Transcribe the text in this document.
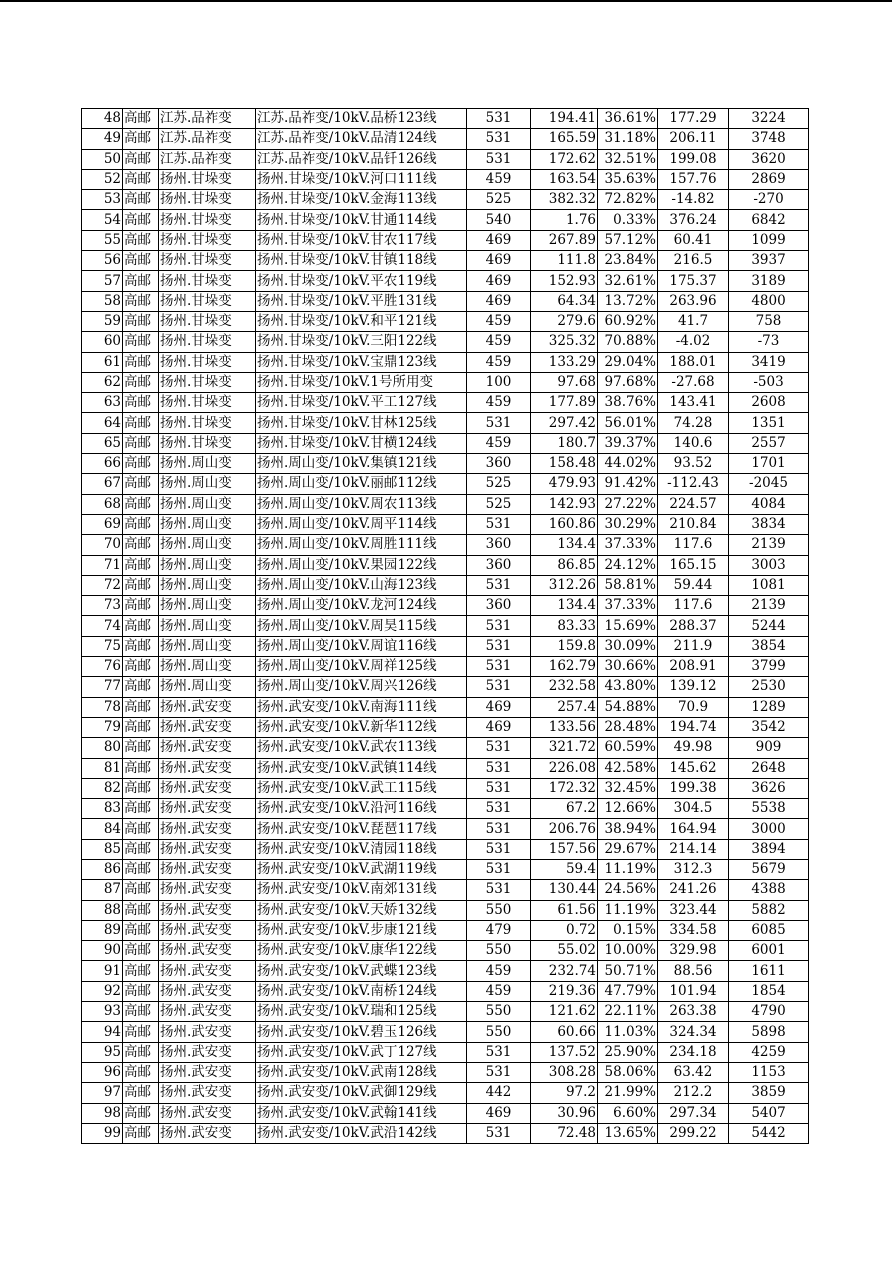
48	高邮	江苏.品祚变	江苏.品祚变/10kV.品桥123线	531	194.41	36.61%	177.29	3224
49	高邮	江苏.品祚变	江苏.品祚变/10kV.品清124线	531	165.59	31.18%	206.11	3748
50	高邮	江苏.品祚变	江苏.品祚变/10kV.品钎126线	531	172.62	32.51%	199.08	3620
52	高邮	扬州.甘垛变	扬州.甘垛变/10kV.河口111线	459	163.54	35.63%	157.76	2869
53	高邮	扬州.甘垛变	扬州.甘垛变/10kV.金海113线	525	382.32	72.82%	-14.82	-270
54	高邮	扬州.甘垛变	扬州.甘垛变/10kV.甘通114线	540	1.76	0.33%	376.24	6842
55	高邮	扬州.甘垛变	扬州.甘垛变/10kV.甘农117线	469	267.89	57.12%	60.41	1099
56	高邮	扬州.甘垛变	扬州.甘垛变/10kV.甘镇118线	469	111.8	23.84%	216.5	3937
57	高邮	扬州.甘垛变	扬州.甘垛变/10kV.平农119线	469	152.93	32.61%	175.37	3189
58	高邮	扬州.甘垛变	扬州.甘垛变/10kV.平胜131线	469	64.34	13.72%	263.96	4800
59	高邮	扬州.甘垛变	扬州.甘垛变/10kV.和平121线	459	279.6	60.92%	41.7	758
60	高邮	扬州.甘垛变	扬州.甘垛变/10kV.三阳122线	459	325.32	70.88%	-4.02	-73
61	高邮	扬州.甘垛变	扬州.甘垛变/10kV.宝鼎123线	459	133.29	29.04%	188.01	3419
62	高邮	扬州.甘垛变	扬州.甘垛变/10kV.1号所用变	100	97.68	97.68%	-27.68	-503
63	高邮	扬州.甘垛变	扬州.甘垛变/10kV.平工127线	459	177.89	38.76%	143.41	2608
64	高邮	扬州.甘垛变	扬州.甘垛变/10kV.甘林125线	531	297.42	56.01%	74.28	1351
65	高邮	扬州.甘垛变	扬州.甘垛变/10kV.甘横124线	459	180.7	39.37%	140.6	2557
66	高邮	扬州.周山变	扬州.周山变/10kV.集镇121线	360	158.48	44.02%	93.52	1701
67	高邮	扬州.周山变	扬州.周山变/10kV.丽邮112线	525	479.93	91.42%	-112.43	-2045
68	高邮	扬州.周山变	扬州.周山变/10kV.周农113线	525	142.93	27.22%	224.57	4084
69	高邮	扬州.周山变	扬州.周山变/10kV.周平114线	531	160.86	30.29%	210.84	3834
70	高邮	扬州.周山变	扬州.周山变/10kV.周胜111线	360	134.4	37.33%	117.6	2139
71	高邮	扬州.周山变	扬州.周山变/10kV.果园122线	360	86.85	24.12%	165.15	3003
72	高邮	扬州.周山变	扬州.周山变/10kV.山海123线	531	312.26	58.81%	59.44	1081
73	高邮	扬州.周山变	扬州.周山变/10kV.龙河124线	360	134.4	37.33%	117.6	2139
74	高邮	扬州.周山变	扬州.周山变/10kV.周昊115线	531	83.33	15.69%	288.37	5244
75	高邮	扬州.周山变	扬州.周山变/10kV.周谊116线	531	159.8	30.09%	211.9	3854
76	高邮	扬州.周山变	扬州.周山变/10kV.周祥125线	531	162.79	30.66%	208.91	3799
77	高邮	扬州.周山变	扬州.周山变/10kV.周兴126线	531	232.58	43.80%	139.12	2530
78	高邮	扬州.武安变	扬州.武安变/10kV.南海111线	469	257.4	54.88%	70.9	1289
79	高邮	扬州.武安变	扬州.武安变/10kV.新华112线	469	133.56	28.48%	194.74	3542
80	高邮	扬州.武安变	扬州.武安变/10kV.武农113线	531	321.72	60.59%	49.98	909
81	高邮	扬州.武安变	扬州.武安变/10kV.武镇114线	531	226.08	42.58%	145.62	2648
82	高邮	扬州.武安变	扬州.武安变/10kV.武工115线	531	172.32	32.45%	199.38	3626
83	高邮	扬州.武安变	扬州.武安变/10kV.沿河116线	531	67.2	12.66%	304.5	5538
84	高邮	扬州.武安变	扬州.武安变/10kV.琵琶117线	531	206.76	38.94%	164.94	3000
85	高邮	扬州.武安变	扬州.武安变/10kV.清园118线	531	157.56	29.67%	214.14	3894
86	高邮	扬州.武安变	扬州.武安变/10kV.武湖119线	531	59.4	11.19%	312.3	5679
87	高邮	扬州.武安变	扬州.武安变/10kV.南郊131线	531	130.44	24.56%	241.26	4388
88	高邮	扬州.武安变	扬州.武安变/10kV.天娇132线	550	61.56	11.19%	323.44	5882
89	高邮	扬州.武安变	扬州.武安变/10kV.步康121线	479	0.72	0.15%	334.58	6085
90	高邮	扬州.武安变	扬州.武安变/10kV.康华122线	550	55.02	10.00%	329.98	6001
91	高邮	扬州.武安变	扬州.武安变/10kV.武蝶123线	459	232.74	50.71%	88.56	1611
92	高邮	扬州.武安变	扬州.武安变/10kV.南桥124线	459	219.36	47.79%	101.94	1854
93	高邮	扬州.武安变	扬州.武安变/10kV.瑞和125线	550	121.62	22.11%	263.38	4790
94	高邮	扬州.武安变	扬州.武安变/10kV.碧玉126线	550	60.66	11.03%	324.34	5898
95	高邮	扬州.武安变	扬州.武安变/10kV.武丁127线	531	137.52	25.90%	234.18	4259
96	高邮	扬州.武安变	扬州.武安变/10kV.武南128线	531	308.28	58.06%	63.42	1153
97	高邮	扬州.武安变	扬州.武安变/10kV.武御129线	442	97.2	21.99%	212.2	3859
98	高邮	扬州.武安变	扬州.武安变/10kV.武翰141线	469	30.96	6.60%	297.34	5407
99	高邮	扬州.武安变	扬州.武安变/10kV.武沿142线	531	72.48	13.65%	299.22	5442
